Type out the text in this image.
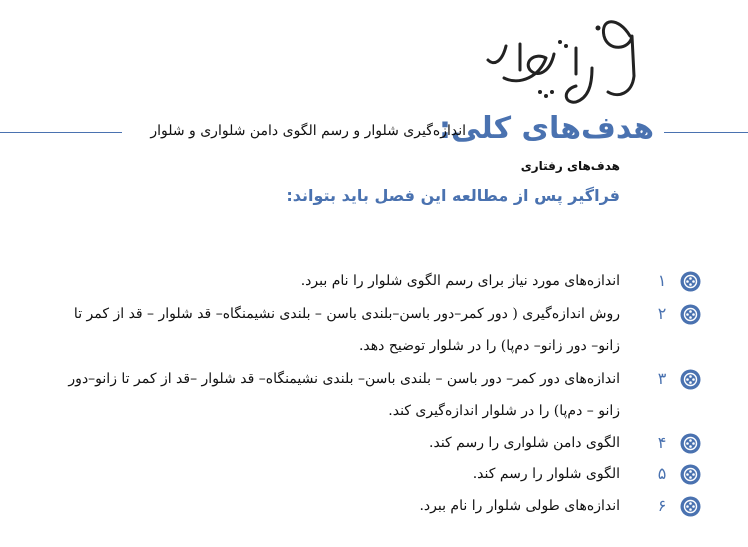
هدف‌های کلی:
اندازه‌گیری شلوار و رسم الگوی دامن شلواری و شلوار
هدف‌های رفتاری
فراگیر پس از مطالعه این فصل باید بتواند:
۱
اندازه‌های مورد نیاز برای رسم الگوی شلوار را نام ببرد.
۲
روش اندازه‌گیری ( دور کمر–دور باسن–بلندی باسن – بلندی نشیمنگاه– قد شلوار – قد از کمر تا
زانو– دور زانو– دم‌پا) را در شلوار توضیح دهد.
۳
اندازه‌های دور کمر– دور باسن – بلندی باسن– بلندی نشیمنگاه– قد شلوار –قد از کمر تا زانو–دور
زانو – دم‌پا) را در شلوار اندازه‌گیری کند.
۴
الگوی دامن شلواری را رسم کند.
۵
الگوی شلوار را رسم کند.
۶
اندازه‌های طولی شلوار را نام ببرد.
